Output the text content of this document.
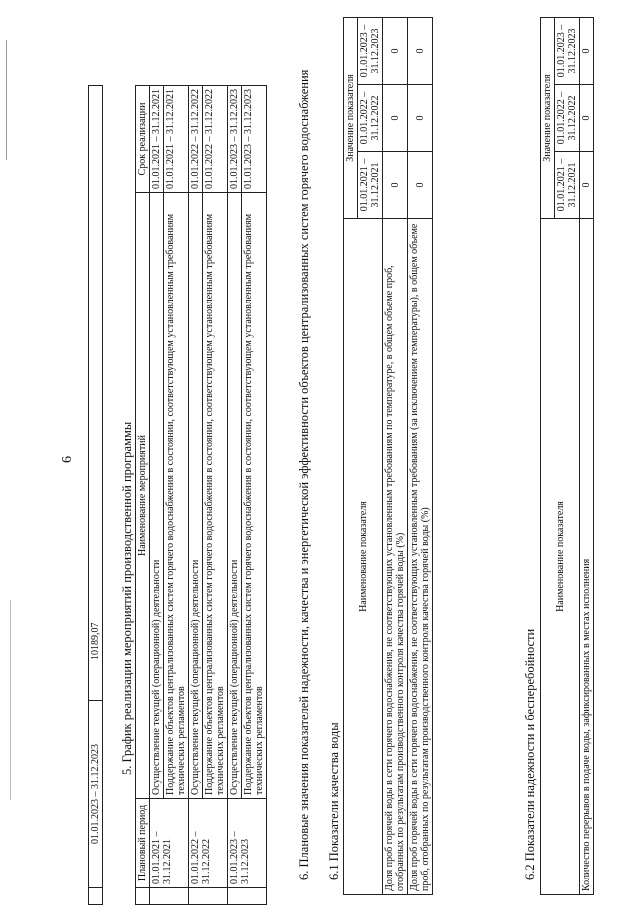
6
	01.01.2023 – 31.12.2023	10189,07 5. График реализации мероприятий производственной программы
	Плановый период	Наименование мероприятий	Срок реализации
	01.01.2021 – 31.12.2021	Осуществление текущей (операционной) деятельности	01.01.2021 – 31.12.2021
		Поддержание объектов централизованных систем горячего водоснабжения в состоянии, соответствующем установленным требованиям технических регламентов	01.01.2021 – 31.12.2021
	01.01.2022 – 31.12.2022	Осуществление текущей (операционной) деятельности	01.01.2022 – 31.12.2022
		Поддержание объектов централизованных систем горячего водоснабжения в состоянии, соответствующем установленным требованиям технических регламентов	01.01.2022 – 31.12.2022
	01.01.2023 – 31.12.2023	Осуществление текущей (операционной) деятельности	01.01.2023 – 31.12.2023
		Поддержание объектов централизованных систем горячего водоснабжения в состоянии, соответствующем установленным требованиям технических регламентов	01.01.2023 – 31.12.2023	6. Плановые значения показателей надежности, качества и энергетической эффективности объектов централизованных систем горячего водоснабжения 6.1 Показатели качества воды
Наименование показателя	Значение показателя		
	01.01.2021 – 31.12.2021	01.01.2022 – 31.12.2022	01.01.2023 – 31.12.2023
Доля проб горячей воды в сети горячего водоснабжения, не соответствующих установленным требованиям по температуре, в общем объеме проб, отобранных по результатам производственного контроля качества горячей воды (%)	0	0	0
Доля проб горячей воды в сети горячего водоснабжения, не соответствующих установленным требованиям (за исключением температуры), в общем объеме проб, отобранных по результатам производственного контроля качества горячей воды (%)	0	0	0
6.2 Показатели надежности и бесперебойности
Наименование показателя	Значение показателя		
	01.01.2021 – 31.12.2021	01.01.2022 – 31.12.2022	01.01.2023 – 31.12.2023
Количество перерывов в подаче воды, зафиксированных в местах исполнения	0	0	0
